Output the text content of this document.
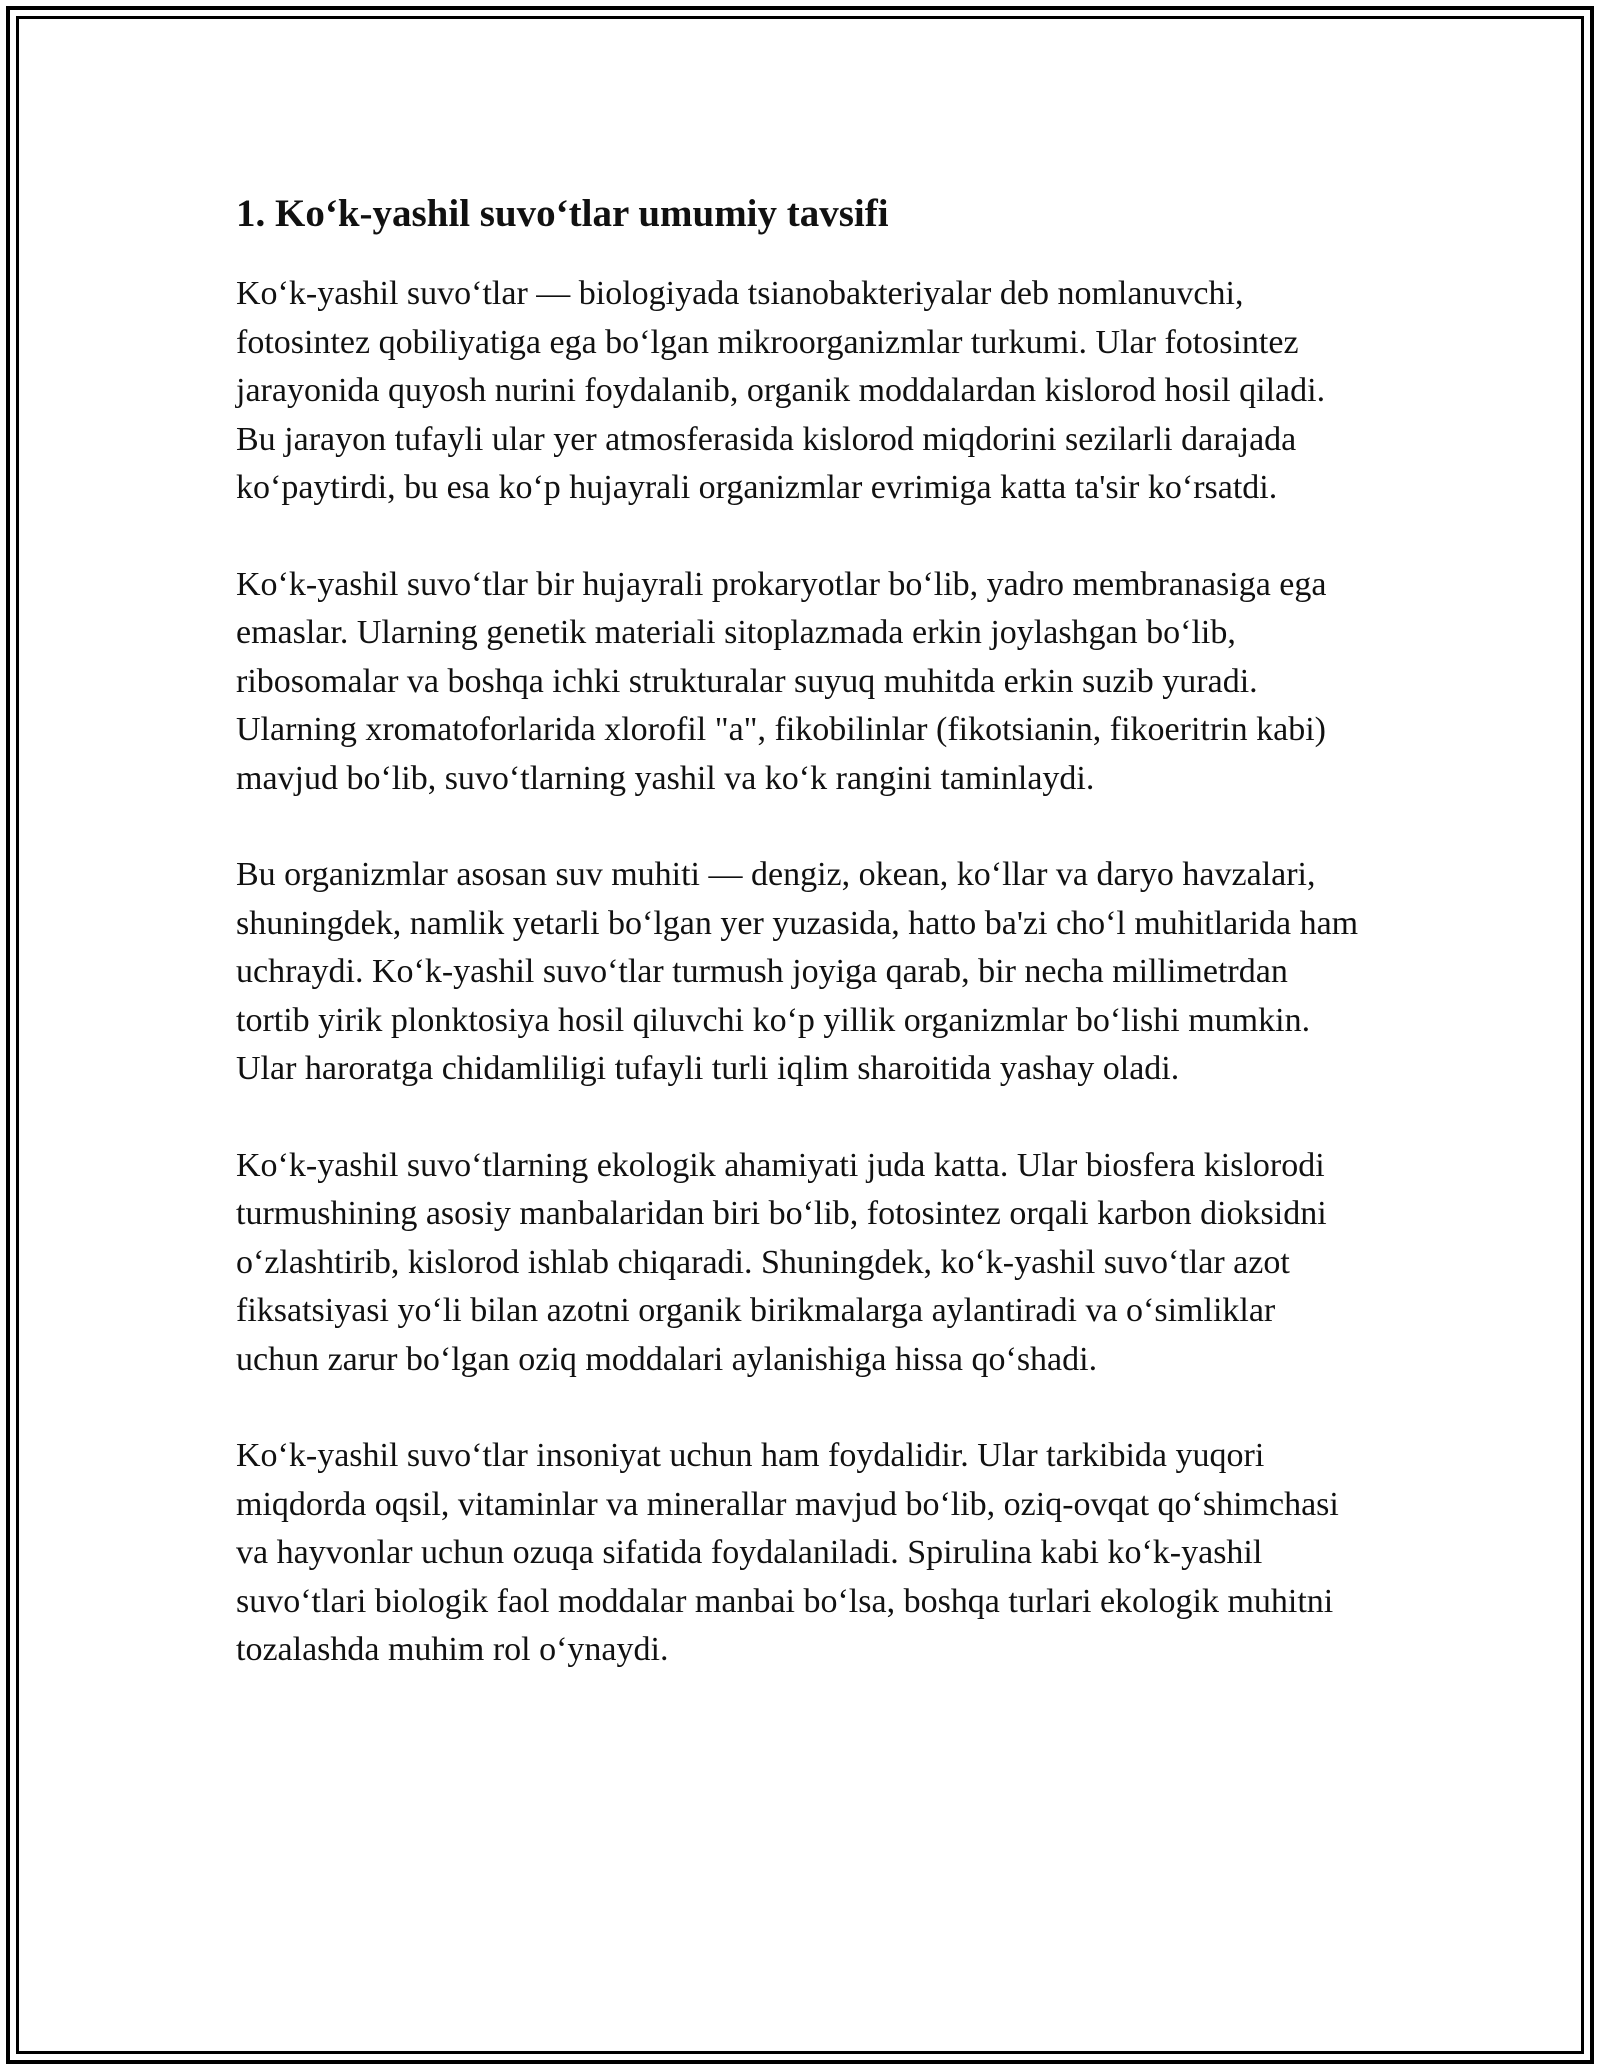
1. Ko‘k-yashil suvo‘tlar umumiy tavsifi

Ko‘k-yashil suvo‘tlar — biologiyada tsianobakteriyalar deb nomlanuvchi, fotosintez qobiliyatiga ega bo‘lgan mikroorganizmlar turkumi. Ular fotosintez jarayonida quyosh nurini foydalanib, organik moddalardan kislorod hosil qiladi. Bu jarayon tufayli ular yer atmosferasida kislorod miqdorini sezilarli darajada ko‘paytirdi, bu esa ko‘p hujayrali organizmlar evrimiga katta ta'sir ko‘rsatdi.

Ko‘k-yashil suvo‘tlar bir hujayrali prokaryotlar bo‘lib, yadro membranasiga ega emaslar. Ularning genetik materiali sitoplazmada erkin joylashgan bo‘lib, ribosomalar va boshqa ichki strukturalar suyuq muhitda erkin suzib yuradi. Ularning xromatoforlarida xlorofil "a", fikobilinlar (fikotsianin, fikoeritrin kabi) mavjud bo‘lib, suvo‘tlarning yashil va ko‘k rangini taminlaydi.

Bu organizmlar asosan suv muhiti — dengiz, okean, ko‘llar va daryo havzalari, shuningdek, namlik yetarli bo‘lgan yer yuzasida, hatto ba'zi cho‘l muhitlarida ham uchraydi. Ko‘k-yashil suvo‘tlar turmush joyiga qarab, bir necha millimetrdan tortib yirik plonktosiya hosil qiluvchi ko‘p yillik organizmlar bo‘lishi mumkin. Ular haroratga chidamliligi tufayli turli iqlim sharoitida yashay oladi.

Ko‘k-yashil suvo‘tlarning ekologik ahamiyati juda katta. Ular biosfera kislorodi turmushining asosiy manbalaridan biri bo‘lib, fotosintez orqali karbon dioksidni o‘zlashtirib, kislorod ishlab chiqaradi. Shuningdek, ko‘k-yashil suvo‘tlar azot fiksatsiyasi yo‘li bilan azotni organik birikmalarga aylantiradi va o‘simliklar uchun zarur bo‘lgan oziq moddalari aylanishiga hissa qo‘shadi.

Ko‘k-yashil suvo‘tlar insoniyat uchun ham foydalidir. Ular tarkibida yuqori miqdorda oqsil, vitaminlar va minerallar mavjud bo‘lib, oziq-ovqat qo‘shimchasi va hayvonlar uchun ozuqa sifatida foydalaniladi. Spirulina kabi ko‘k-yashil suvo‘tlari biologik faol moddalar manbai bo‘lsa, boshqa turlari ekologik muhitni tozalashda muhim rol o‘ynaydi.
